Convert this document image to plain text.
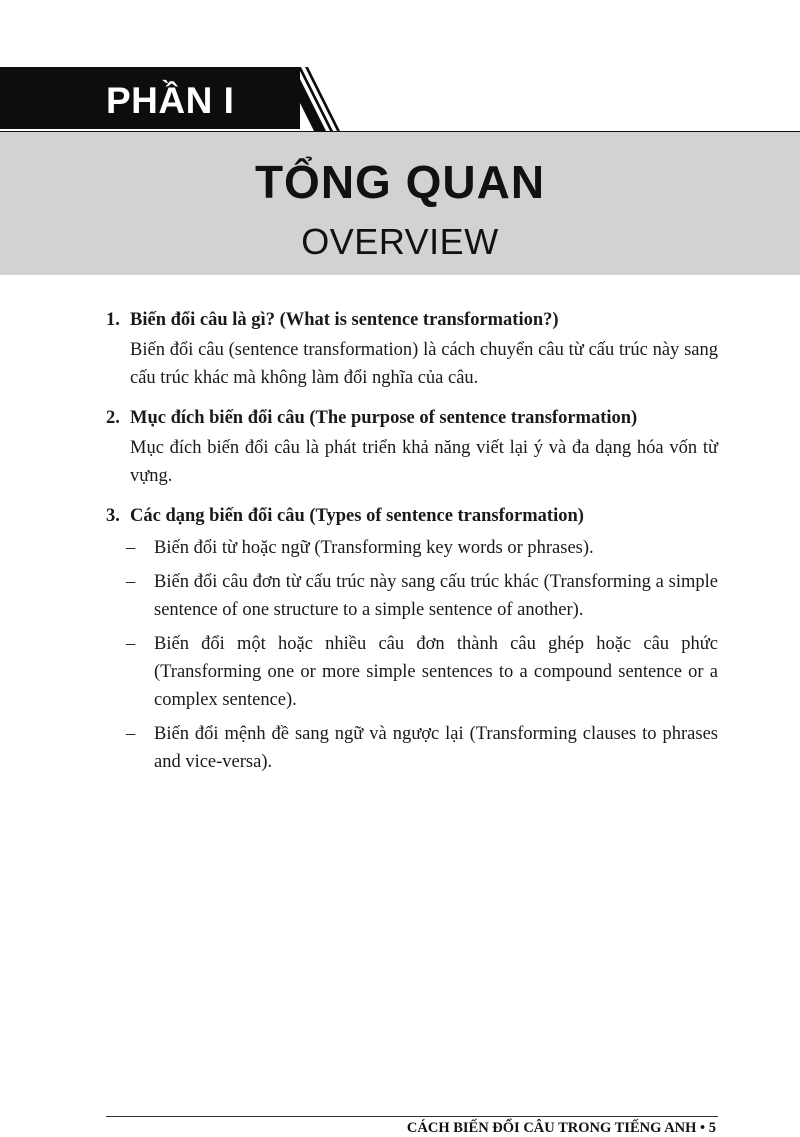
PHẦN I
TỔNG QUAN
OVERVIEW
1. Biến đổi câu là gì? (What is sentence transformation?)
Biến đổi câu (sentence transformation) là cách chuyển câu từ cấu trúc này sang cấu trúc khác mà không làm đổi nghĩa của câu.
2. Mục đích biến đổi câu (The purpose of sentence transformation)
Mục đích biến đổi câu là phát triển khả năng viết lại ý và đa dạng hóa vốn từ vựng.
3. Các dạng biến đổi câu (Types of sentence transformation)
–	Biến đổi từ hoặc ngữ (Transforming key words or phrases).
–	Biến đổi câu đơn từ cấu trúc này sang cấu trúc khác (Transforming a simple sentence of one structure to a simple sentence of another).
–	Biến đổi một hoặc nhiều câu đơn thành câu ghép hoặc câu phức (Transforming one or more simple sentences to a compound sentence or a complex sentence).
–	Biến đổi mệnh đề sang ngữ và ngược lại (Transforming clauses to phrases and vice-versa).
CÁCH BIẾN ĐỔI CÂU TRONG TIẾNG ANH • 5
